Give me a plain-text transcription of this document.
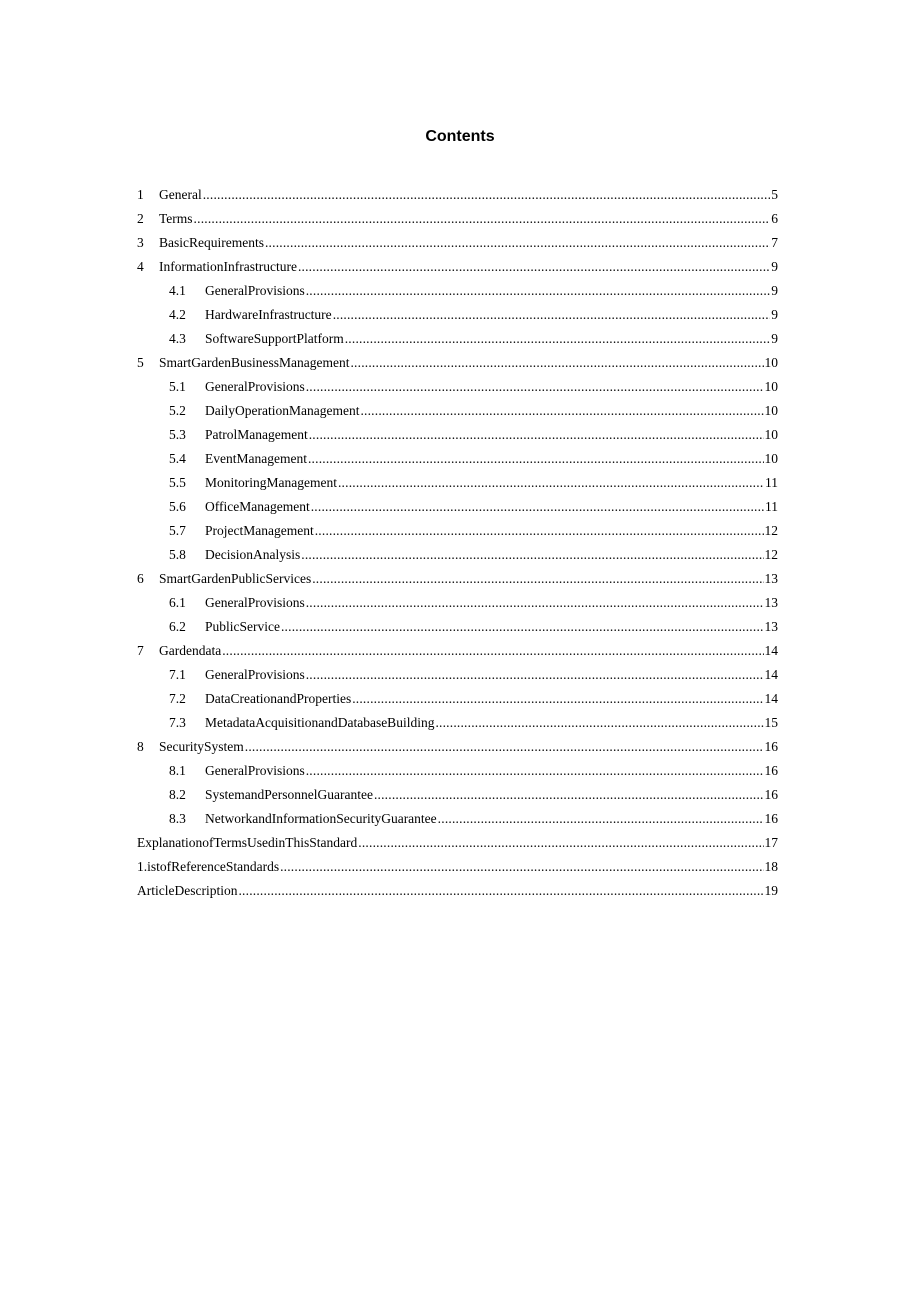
Contents
1	General .....	5
2	Terms .....	6
3	BasicRequirements .....	7
4	InformationInfrastructure .....	9
4.1	GeneralProvisions .....	9
4.2	HardwareInfrastructure .....	9
4.3	SoftwareSupportPlatform .....	9
5	SmartGardenBusinessManagement .....	10
5.1	GeneralProvisions .....	10
5.2	DailyOperationManagement .....	10
5.3	PatrolManagement .....	10
5.4	EventManagement .....	10
5.5	MonitoringManagement .....	11
5.6	OfficeManagement .....	11
5.7	ProjectManagement .....	12
5.8	DecisionAnalysis .....	12
6	SmartGardenPublicServices .....	13
6.1	GeneralProvisions .....	13
6.2	PublicService .....	13
7	Gardendata .....	14
7.1	GeneralProvisions .....	14
7.2	DataCreationandProperties .....	14
7.3	MetadataAcquisitionandDatabaseBuilding .....	15
8	SecuritySystem .....	16
8.1	GeneralProvisions .....	16
8.2	SystemandPersonnelGuarantee .....	16
8.3	NetworkandInformationSecurityGuarantee .....	16
ExplanationofTermsUsedinThisStandard .....	17
1.istofReferenceStandards .....	18
ArticleDescription .....	19
